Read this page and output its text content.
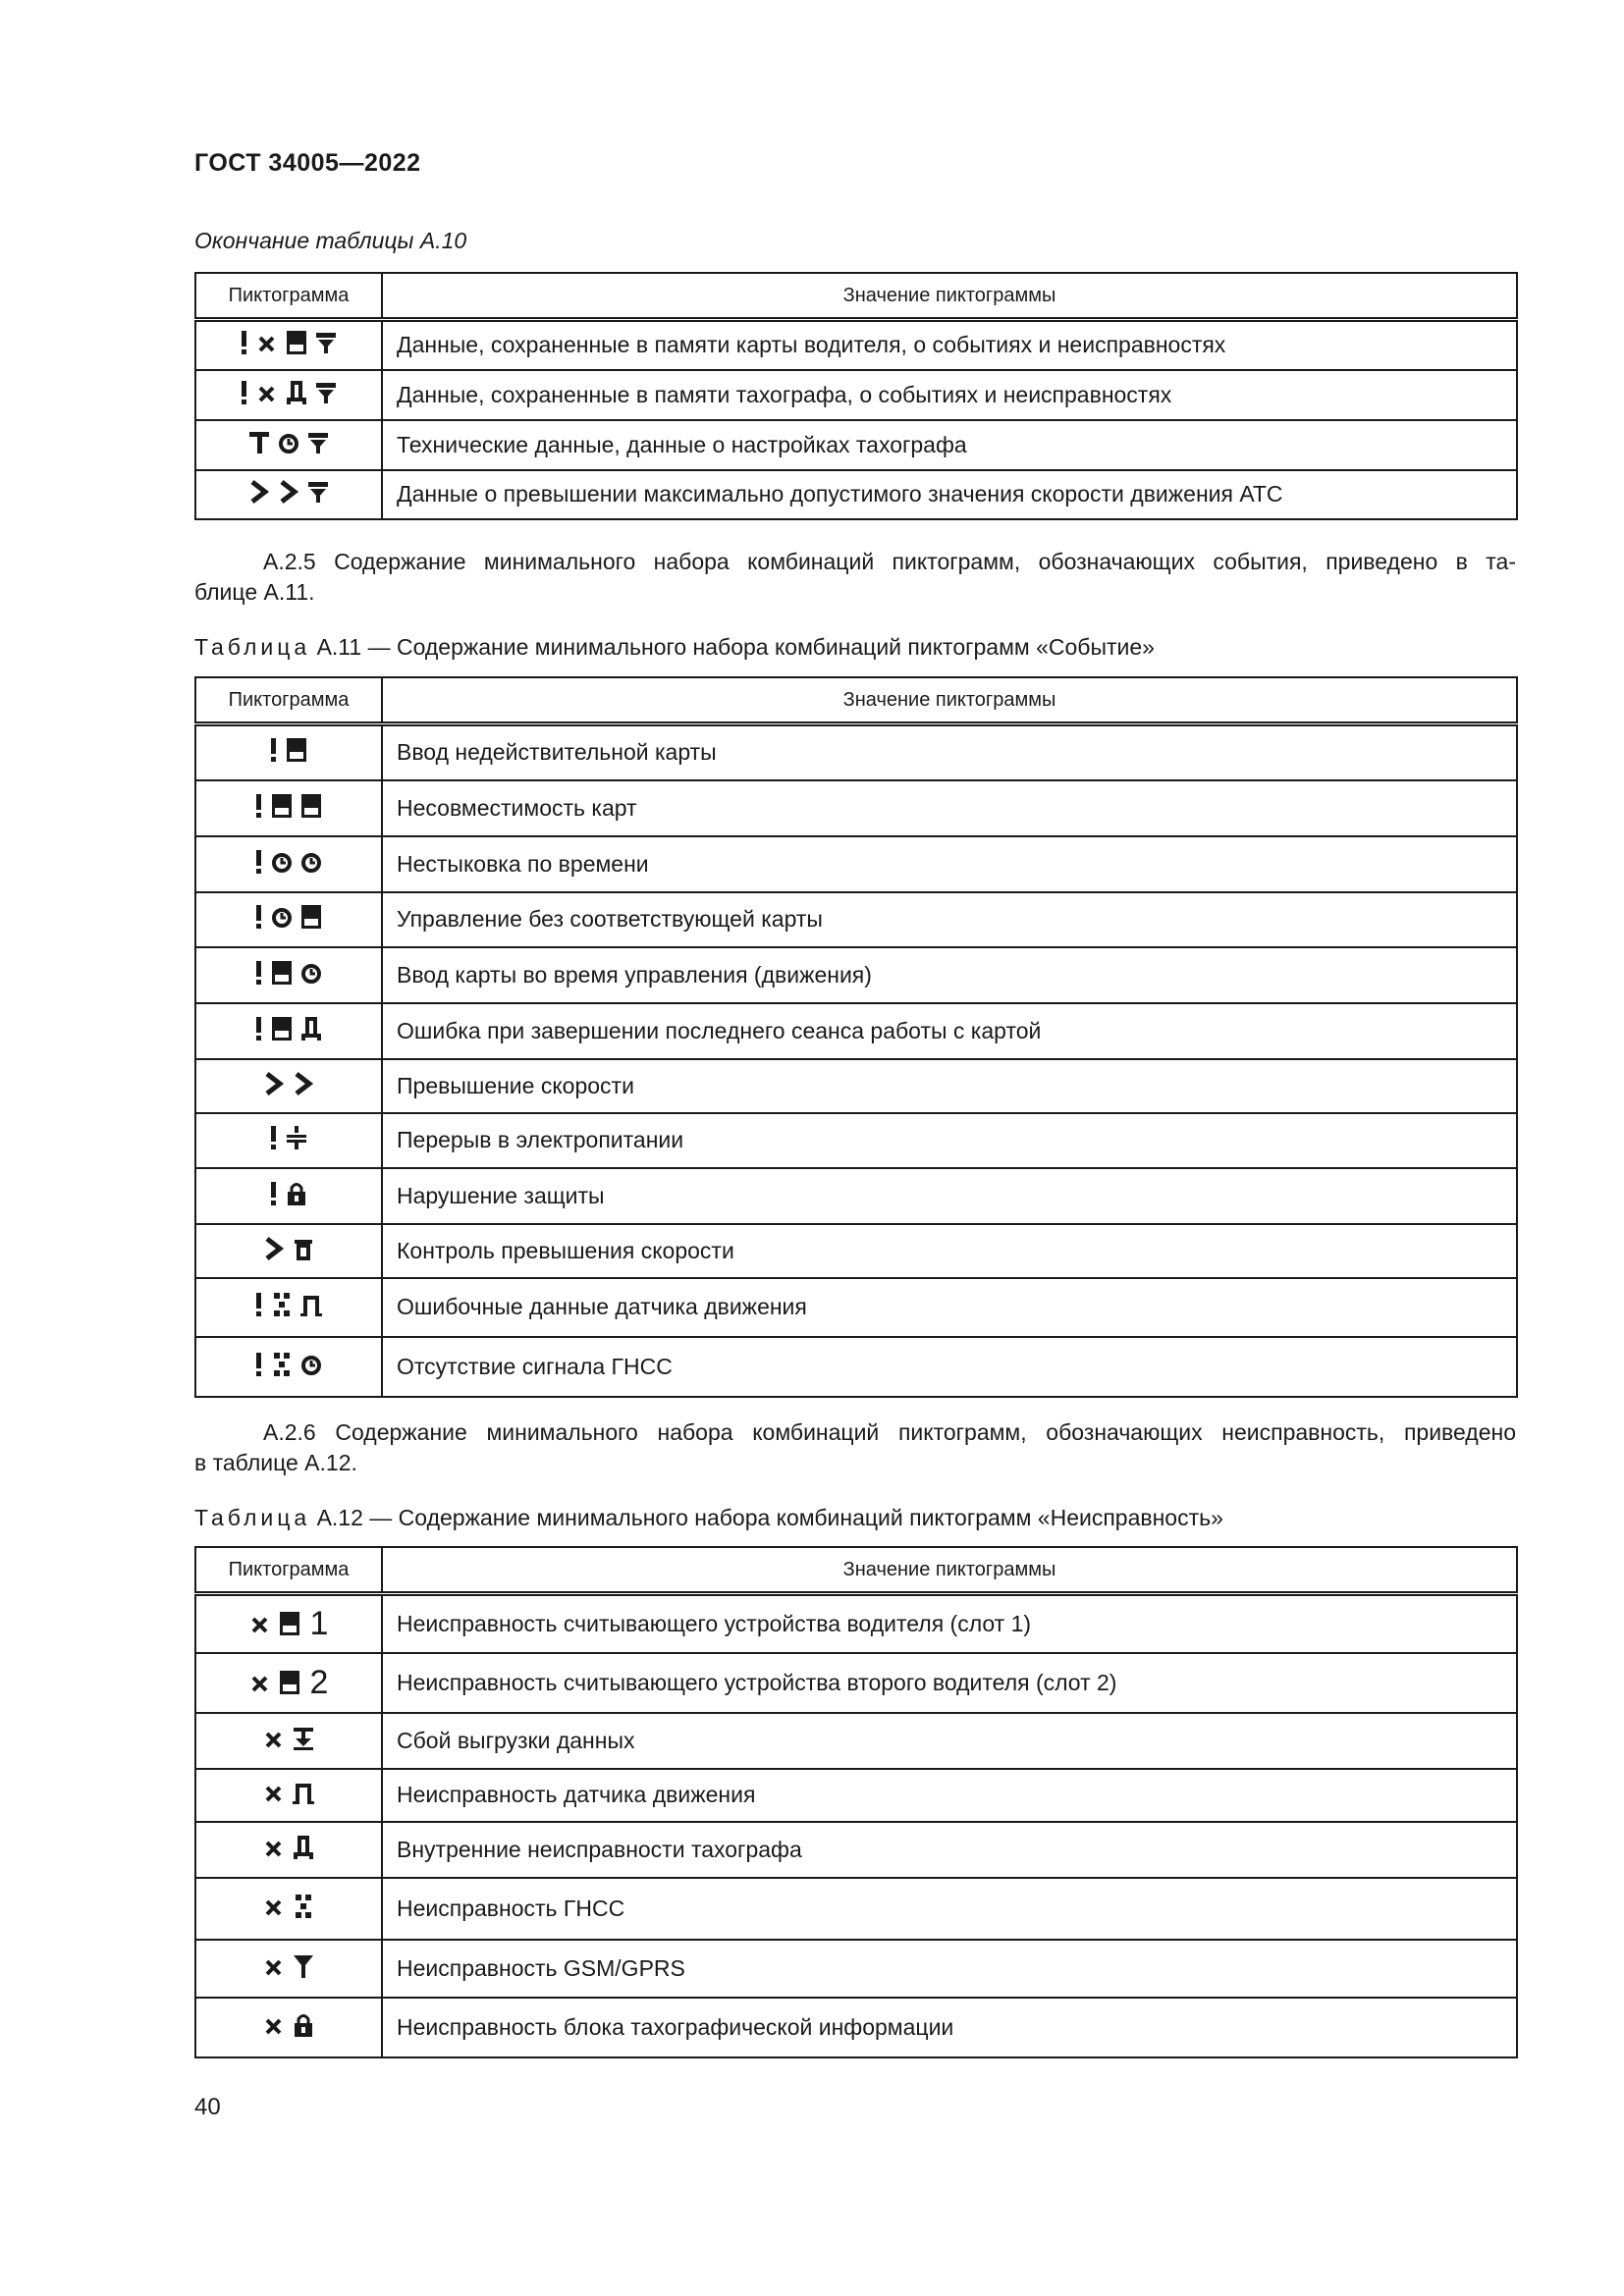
ГОСТ 34005—2022
Окончание таблицы А.10
Пиктограмма	Значение пиктограммы

	Данные, сохраненные в памяти карты водителя, о событиях и неисправностях

	Данные, сохраненные в памяти тахографа, о событиях и неисправностях

	Технические данные, данные о настройках тахографа

	Данные о превышении максимально допустимого значения скорости движения АТС
А.2.5 Содержание минимального набора комбинаций пиктограмм, обозначающих события, приведено в та-
блице А.11.
Таблица А.11 — Содержание минимального набора комбинаций пиктограмм «Событие»
Пиктограмма	Значение пиктограммы

	Ввод недействительной карты

	Несовместимость карт

	Нестыковка по времени

	Управление без соответствующей карты

	Ввод карты во время управления (движения)

	Ошибка при завершении последнего сеанса работы с картой

	Превышение скорости

	Перерыв в электропитании

	Нарушение защиты

	Контроль превышения скорости

	Ошибочные данные датчика движения

	Отсутствие сигнала ГНСС
А.2.6 Содержание минимального набора комбинаций пиктограмм, обозначающих неисправность, приведено
в таблице А.12.
Таблица А.12 — Содержание минимального набора комбинаций пиктограмм «Неисправность»
Пиктограмма	Значение пиктограммы

1	Неисправность считывающего устройства водителя (слот 1)

2	Неисправность считывающего устройства второго водителя (слот 2)

	Сбой выгрузки данных

	Неисправность датчика движения

	Внутренние неисправности тахографа

	Неисправность ГНСС

	Неисправность GSM/GPRS

	Неисправность блока тахографической информации
40
